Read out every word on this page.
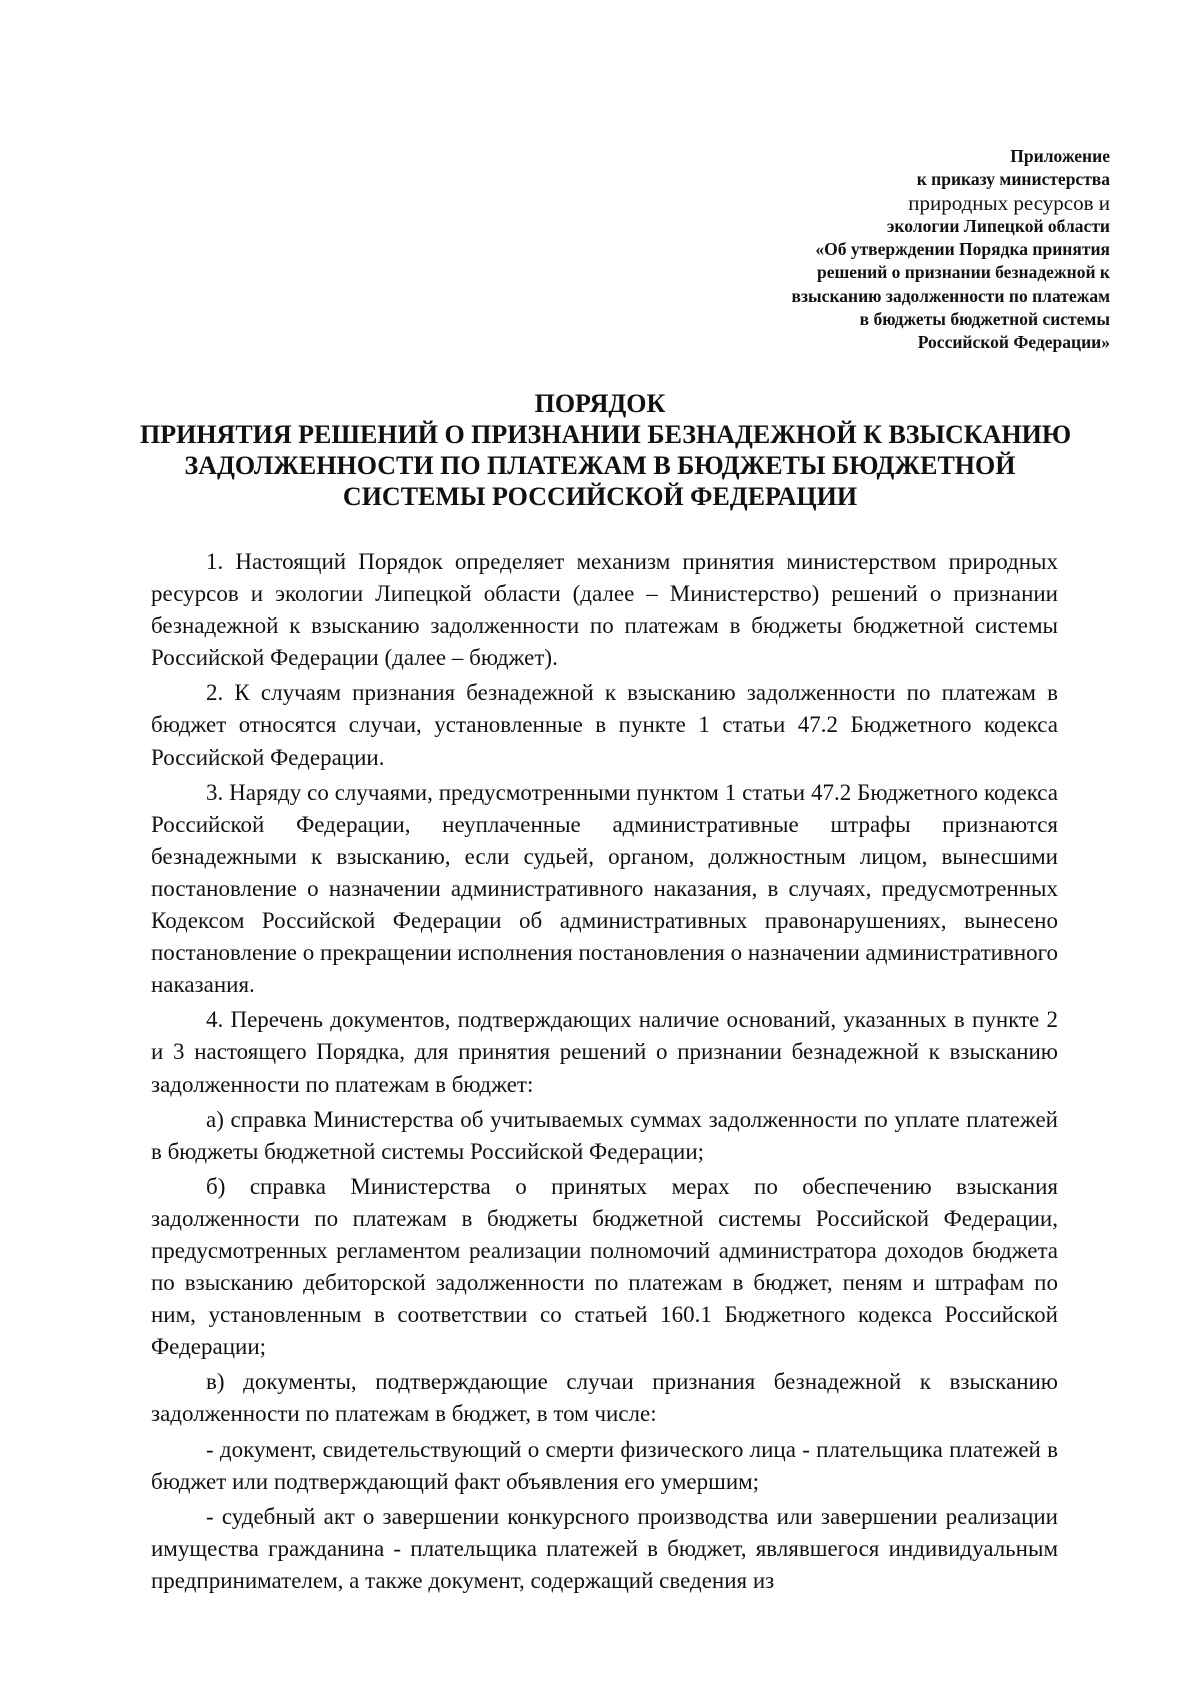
Приложение
к приказу министерства
природных ресурсов и
экологии Липецкой области
«Об утверждении Порядка принятия
решений о признании безнадежной к
взысканию задолженности по платежам
в бюджеты бюджетной системы
Российской Федерации»
ПОРЯДОК
ПРИНЯТИЯ РЕШЕНИЙ О ПРИЗНАНИИ БЕЗНАДЕЖНОЙ К ВЗЫСКАНИЮ
ЗАДОЛЖЕННОСТИ ПО ПЛАТЕЖАМ В БЮДЖЕТЫ БЮДЖЕТНОЙ
СИСТЕМЫ РОССИЙСКОЙ ФЕДЕРАЦИИ

1. Настоящий Порядок определяет механизм принятия министерством природных ресурсов и экологии Липецкой области (далее – Министерство) решений о признании безнадежной к взысканию задолженности по платежам в бюджеты бюджетной системы Российской Федерации (далее – бюджет).

2. К случаям признания безнадежной к взысканию задолженности по платежам в бюджет относятся случаи, установленные в пункте 1 статьи 47.2 Бюджетного кодекса Российской Федерации.

3. Наряду со случаями, предусмотренными пунктом 1 статьи 47.2 Бюджетного кодекса Российской Федерации, неуплаченные административные штрафы признаются безнадежными к взысканию, если судьей, органом, должностным лицом, вынесшими постановление о назначении административного наказания, в случаях, предусмотренных Кодексом Российской Федерации об административных правонарушениях, вынесено постановление о прекращении исполнения постановления о назначении административного наказания.

4. Перечень документов, подтверждающих наличие оснований, указанных в пункте 2 и 3 настоящего Порядка, для принятия решений о признании безнадежной к взысканию задолженности по платежам в бюджет:

а) справка Министерства об учитываемых суммах задолженности по уплате платежей в бюджеты бюджетной системы Российской Федерации;

б) справка Министерства о принятых мерах по обеспечению взыскания задолженности по платежам в бюджеты бюджетной системы Российской Федерации, предусмотренных регламентом реализации полномочий администратора доходов бюджета по взысканию дебиторской задолженности по платежам в бюджет, пеням и штрафам по ним, установленным в соответствии со статьей 160.1 Бюджетного кодекса Российской Федерации;

в) документы, подтверждающие случаи признания безнадежной к взысканию задолженности по платежам в бюджет, в том числе:

- документ, свидетельствующий о смерти физического лица - плательщика платежей в бюджет или подтверждающий факт объявления его умершим;

- судебный акт о завершении конкурсного производства или завершении реализации имущества гражданина - плательщика платежей в бюджет, являвшегося индивидуальным предпринимателем, а также документ, содержащий сведения из
